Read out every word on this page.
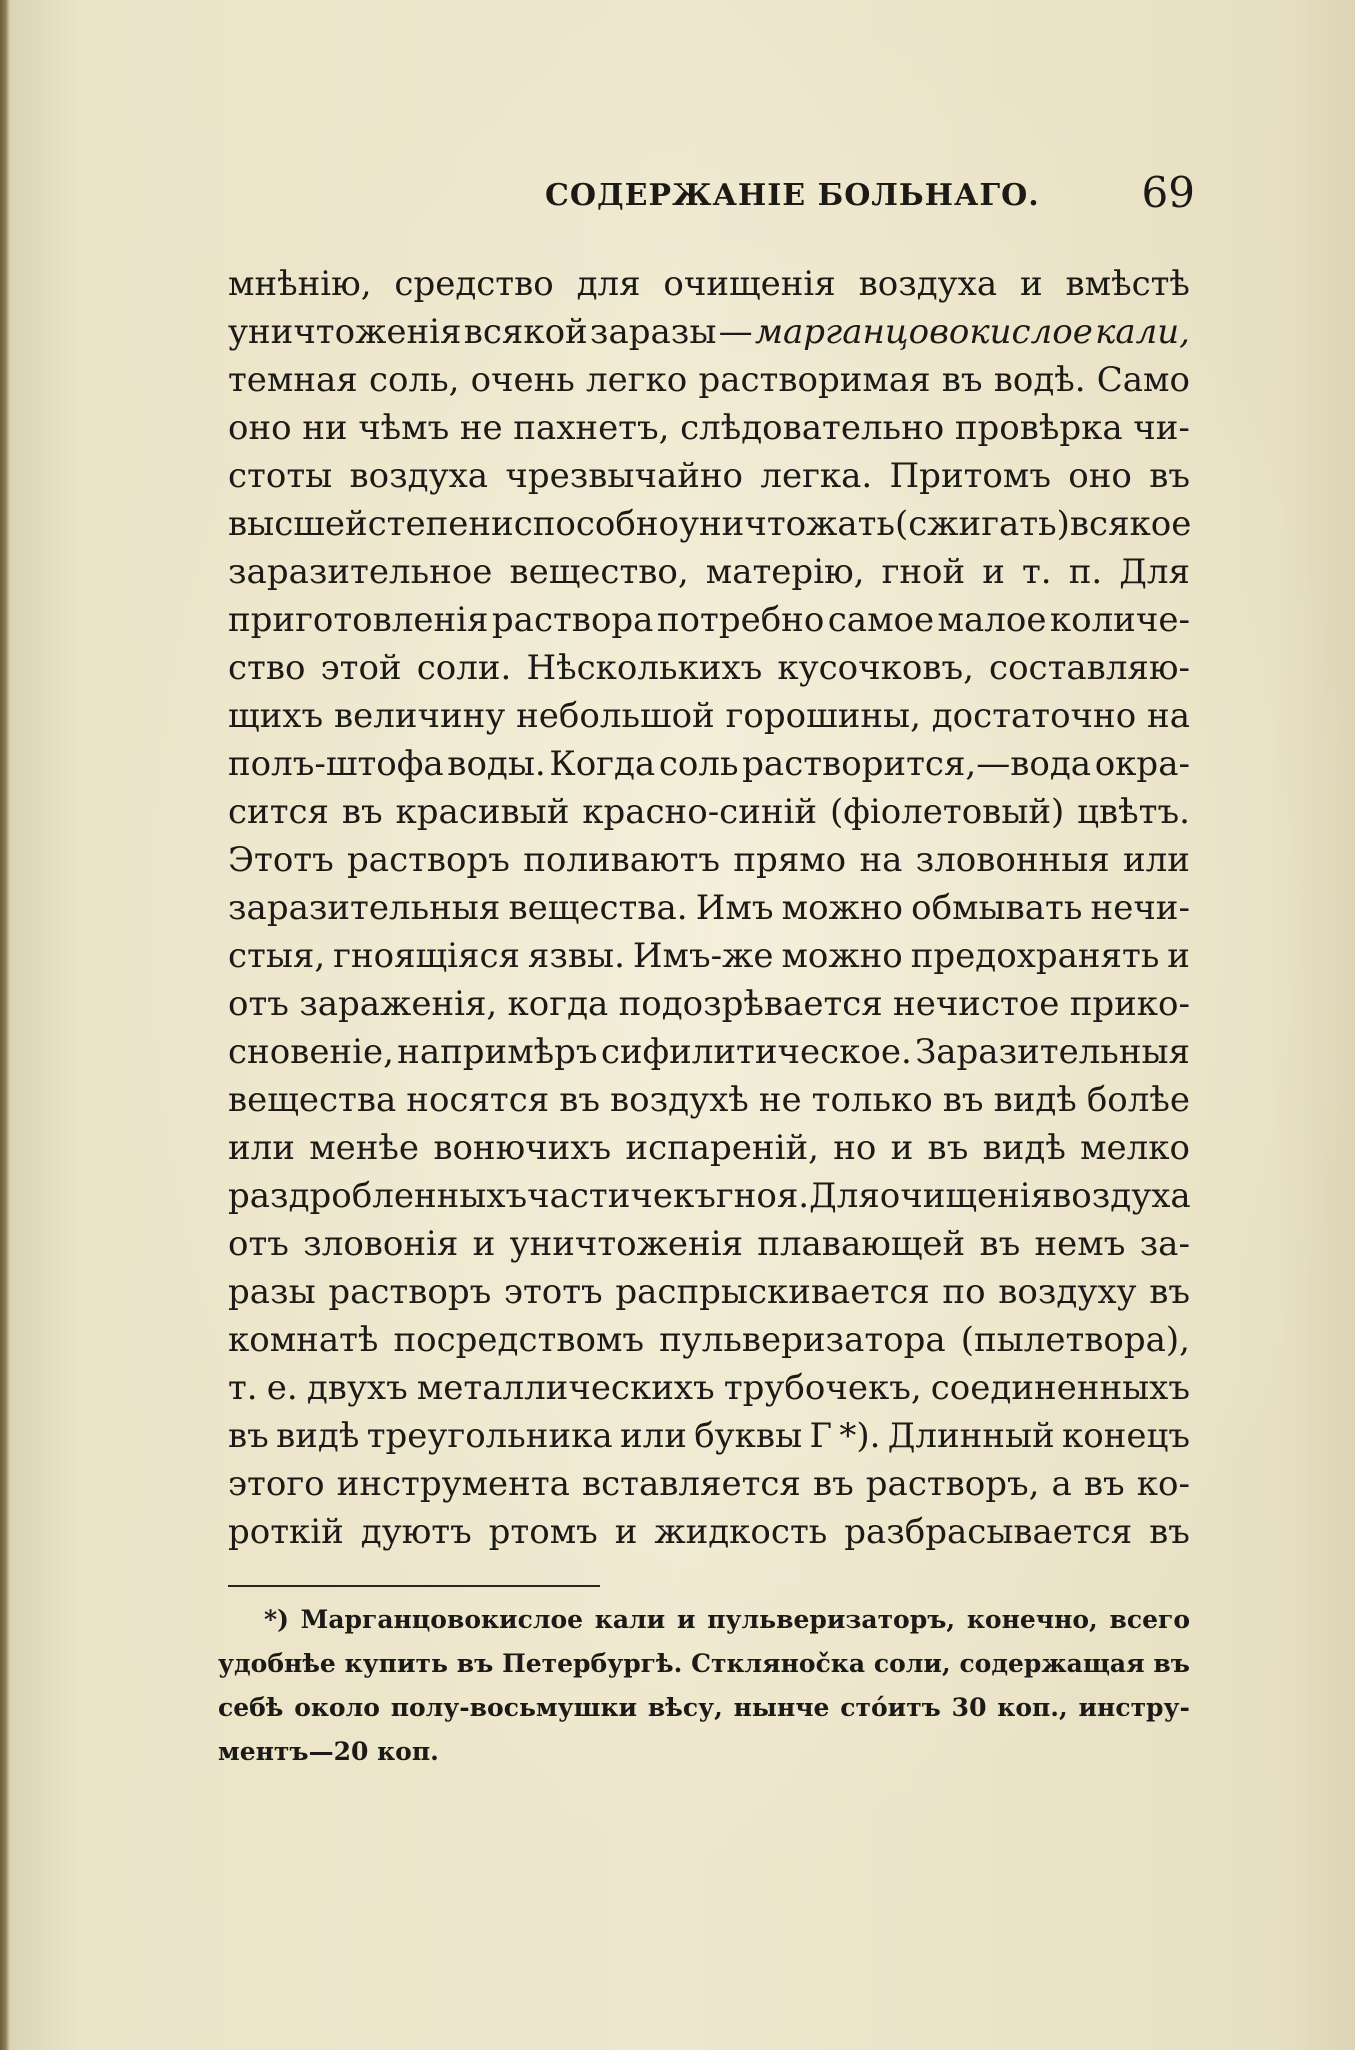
СОДЕРЖАНІЕ БОЛЬНАГО. 69
мнѣнію, средство для очищенія воздуха и вмѣстѣ
уничтоженія всякой заразы — марганцовокислое кали,
темная соль, очень легко растворимая въ водѣ. Само
оно ни чѣмъ не пахнетъ, слѣдовательно провѣрка чи-
стоты воздуха чрезвычайно легка. Притомъ оно въ
высшей степени способно уничтожать (сжигать) всякое
заразительное вещество, матерію, гной и т. п. Для
приготовленія раствора потребно самое малое количе-
ство этой соли. Нѣсколькихъ кусочковъ, составляю-
щихъ величину небольшой горошины, достаточно на
полъ-штофа воды. Когда соль растворится,—вода окра-
сится въ красивый красно-синій (фіолетовый) цвѣтъ.
Этотъ растворъ поливаютъ прямо на зловонныя или
заразительныя вещества. Имъ можно обмывать нечи-
стыя, гноящіяся язвы. Имъ-же можно предохранять и
отъ зараженія, когда подозрѣвается нечистое прико-
сновеніе, напримѣръ сифилитическое. Заразительныя
вещества носятся въ воздухѣ не только въ видѣ болѣе
или менѣе вонючихъ испареній, но и въ видѣ мелко
раздробленныхъ частичекъ гноя. Для очищенія воздуха
отъ зловонія и уничтоженія плавающей въ немъ за-
разы растворъ этотъ распрыскивается по воздуху въ
комнатѣ посредствомъ пульверизатора (пылетвора),
т. е. двухъ металлическихъ трубочекъ, соединенныхъ
въ видѣ треугольника или буквы Г *). Длинный конецъ
этого инструмента вставляется въ растворъ, а въ ко-
роткій дуютъ ртомъ и жидкость разбрасывается въ
*) Марганцовокислое кали и пульверизаторъ, конечно, всего
удобнѣе купить въ Петербургѣ. Стклянočка соли, содержащая въ
себѣ около полу-восьмушки вѣсу, нынче стóитъ 30 коп., инстру-
ментъ—20 коп.
